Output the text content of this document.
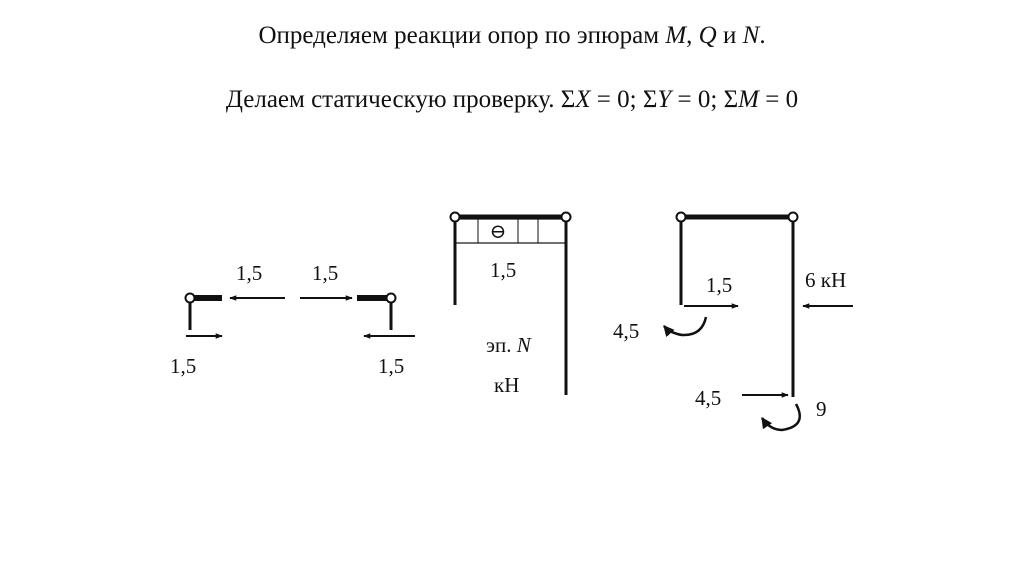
Определяем реакции опор по эпюрам M, Q и N.
Делаем статическую проверку. ΣX = 0; ΣY = 0; ΣM = 0
1,5
1,5 1,5
1,5
⊖
1,5
эп. N
кН
4,5
1,5	6 кН
4,5	9
